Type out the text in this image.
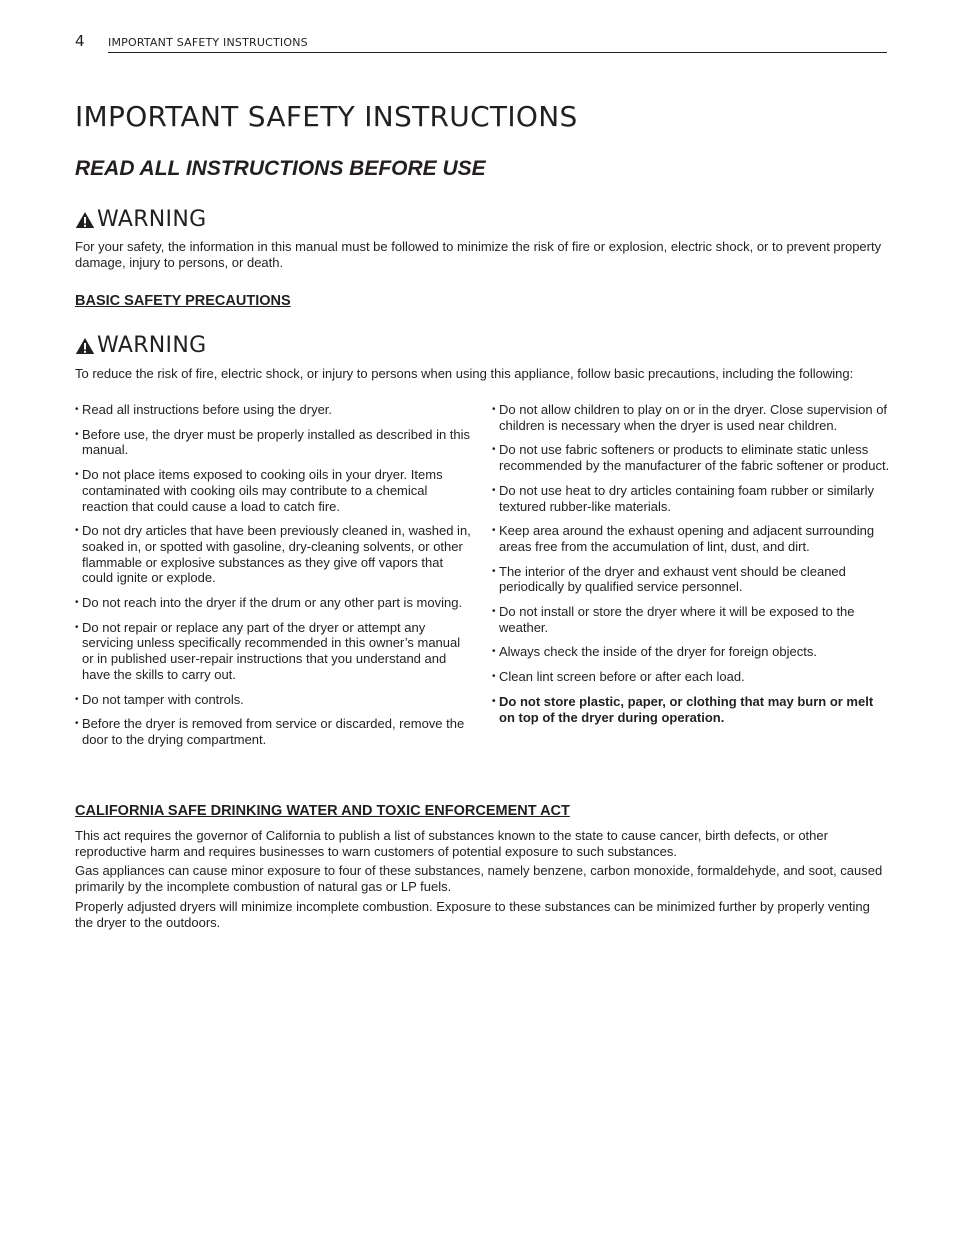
4 IMPORTANT SAFETY INSTRUCTIONS
IMPORTANT SAFETY INSTRUCTIONS
READ ALL INSTRUCTIONS BEFORE USE
WARNING

For your safety, the information in this manual must be followed to minimize the risk of fire or explosion, electric shock, or to prevent property damage, injury to persons, or death.

BASIC SAFETY PRECAUTIONS
WARNING

To reduce the risk of fire, electric shock, or injury to persons when using this appliance, follow basic precautions, including the following:

• Read all instructions before using the dryer.
• Before use, the dryer must be properly installed as described in this manual.
• Do not place items exposed to cooking oils in your dryer. Items contaminated with cooking oils may contribute to a chemical reaction that could cause a load to catch fire.
• Do not dry articles that have been previously cleaned in, washed in, soaked in, or spotted with gasoline, dry-cleaning solvents, or other flammable or explosive substances as they give off vapors that could ignite or explode.
• Do not reach into the dryer if the drum or any other part is moving.
• Do not repair or replace any part of the dryer or attempt any servicing unless specifically recommended in this owner’s manual or in published user-repair instructions that you understand and have the skills to carry out.
• Do not tamper with controls.
• Before the dryer is removed from service or discarded, remove the door to the drying compartment.
• Do not allow children to play on or in the dryer. Close supervision of children is necessary when the dryer is used near children.
• Do not use fabric softeners or products to eliminate static unless recommended by the manufacturer of the fabric softener or product.
• Do not use heat to dry articles containing foam rubber or similarly textured rubber-like materials.
• Keep area around the exhaust opening and adjacent surrounding areas free from the accumulation of lint, dust, and dirt.
• The interior of the dryer and exhaust vent should be cleaned periodically by qualified service personnel.
• Do not install or store the dryer where it will be exposed to the weather.
• Always check the inside of the dryer for foreign objects.
• Clean lint screen before or after each load.
• Do not store plastic, paper, or clothing that may burn or melt on top of the dryer during operation.
CALIFORNIA SAFE DRINKING WATER AND TOXIC ENFORCEMENT ACT

This act requires the governor of California to publish a list of substances known to the state to cause cancer, birth defects, or other reproductive harm and requires businesses to warn customers of potential exposure to such substances.

Gas appliances can cause minor exposure to four of these substances, namely benzene, carbon monoxide, formaldehyde, and soot, caused primarily by the incomplete combustion of natural gas or LP fuels.

Properly adjusted dryers will minimize incomplete combustion. Exposure to these substances can be minimized further by properly venting the dryer to the outdoors.
